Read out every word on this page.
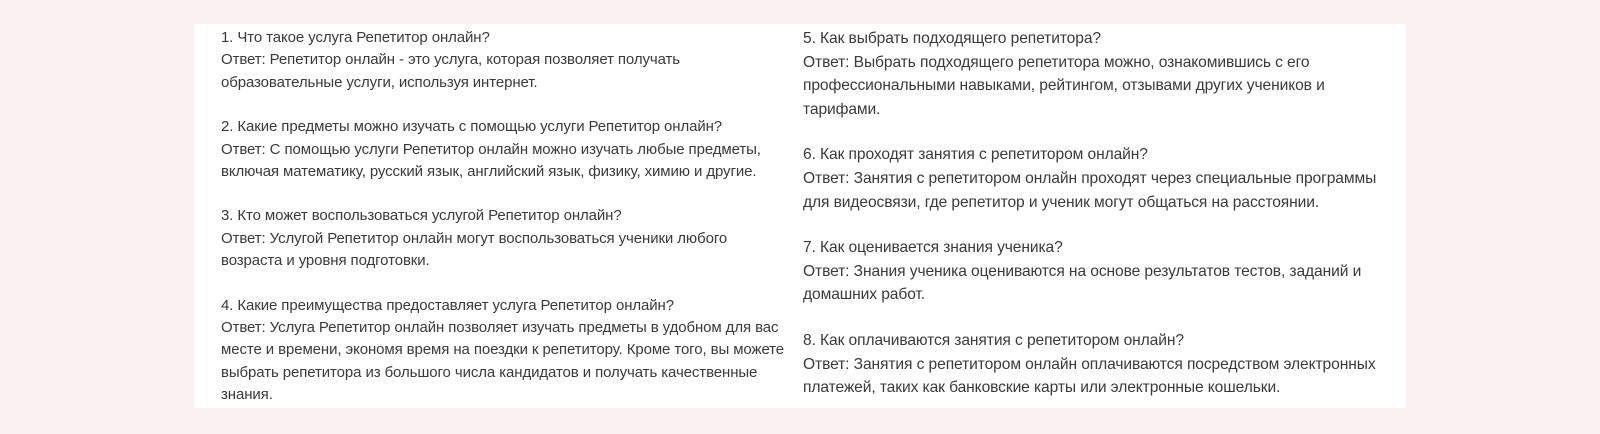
1. Что такое услуга Репетитор онлайн?
Ответ: Репетитор онлайн - это услуга, которая позволяет получать образовательные услуги, используя интернет.
2. Какие предметы можно изучать с помощью услуги Репетитор онлайн?
Ответ: С помощью услуги Репетитор онлайн можно изучать любые предметы, включая математику, русский язык, английский язык, физику, химию и другие.
3. Кто может воспользоваться услугой Репетитор онлайн?
Ответ: Услугой Репетитор онлайн могут воспользоваться ученики любого возраста и уровня подготовки.
4. Какие преимущества предоставляет услуга Репетитор онлайн?
Ответ: Услуга Репетитор онлайн позволяет изучать предметы в удобном для вас месте и времени, экономя время на поездки к репетитору. Кроме того, вы можете выбрать репетитора из большого числа кандидатов и получать качественные знания.
5. Как выбрать подходящего репетитора?
Ответ: Выбрать подходящего репетитора можно, ознакомившись с его профессиональными навыками, рейтингом, отзывами других учеников и тарифами.
6. Как проходят занятия с репетитором онлайн?
Ответ: Занятия с репетитором онлайн проходят через специальные программы для видеосвязи, где репетитор и ученик могут общаться на расстоянии.
7. Как оценивается знания ученика?
Ответ: Знания ученика оцениваются на основе результатов тестов, заданий и домашних работ.
8. Как оплачиваются занятия с репетитором онлайн?
Ответ: Занятия с репетитором онлайн оплачиваются посредством электронных платежей, таких как банковские карты или электронные кошельки.
